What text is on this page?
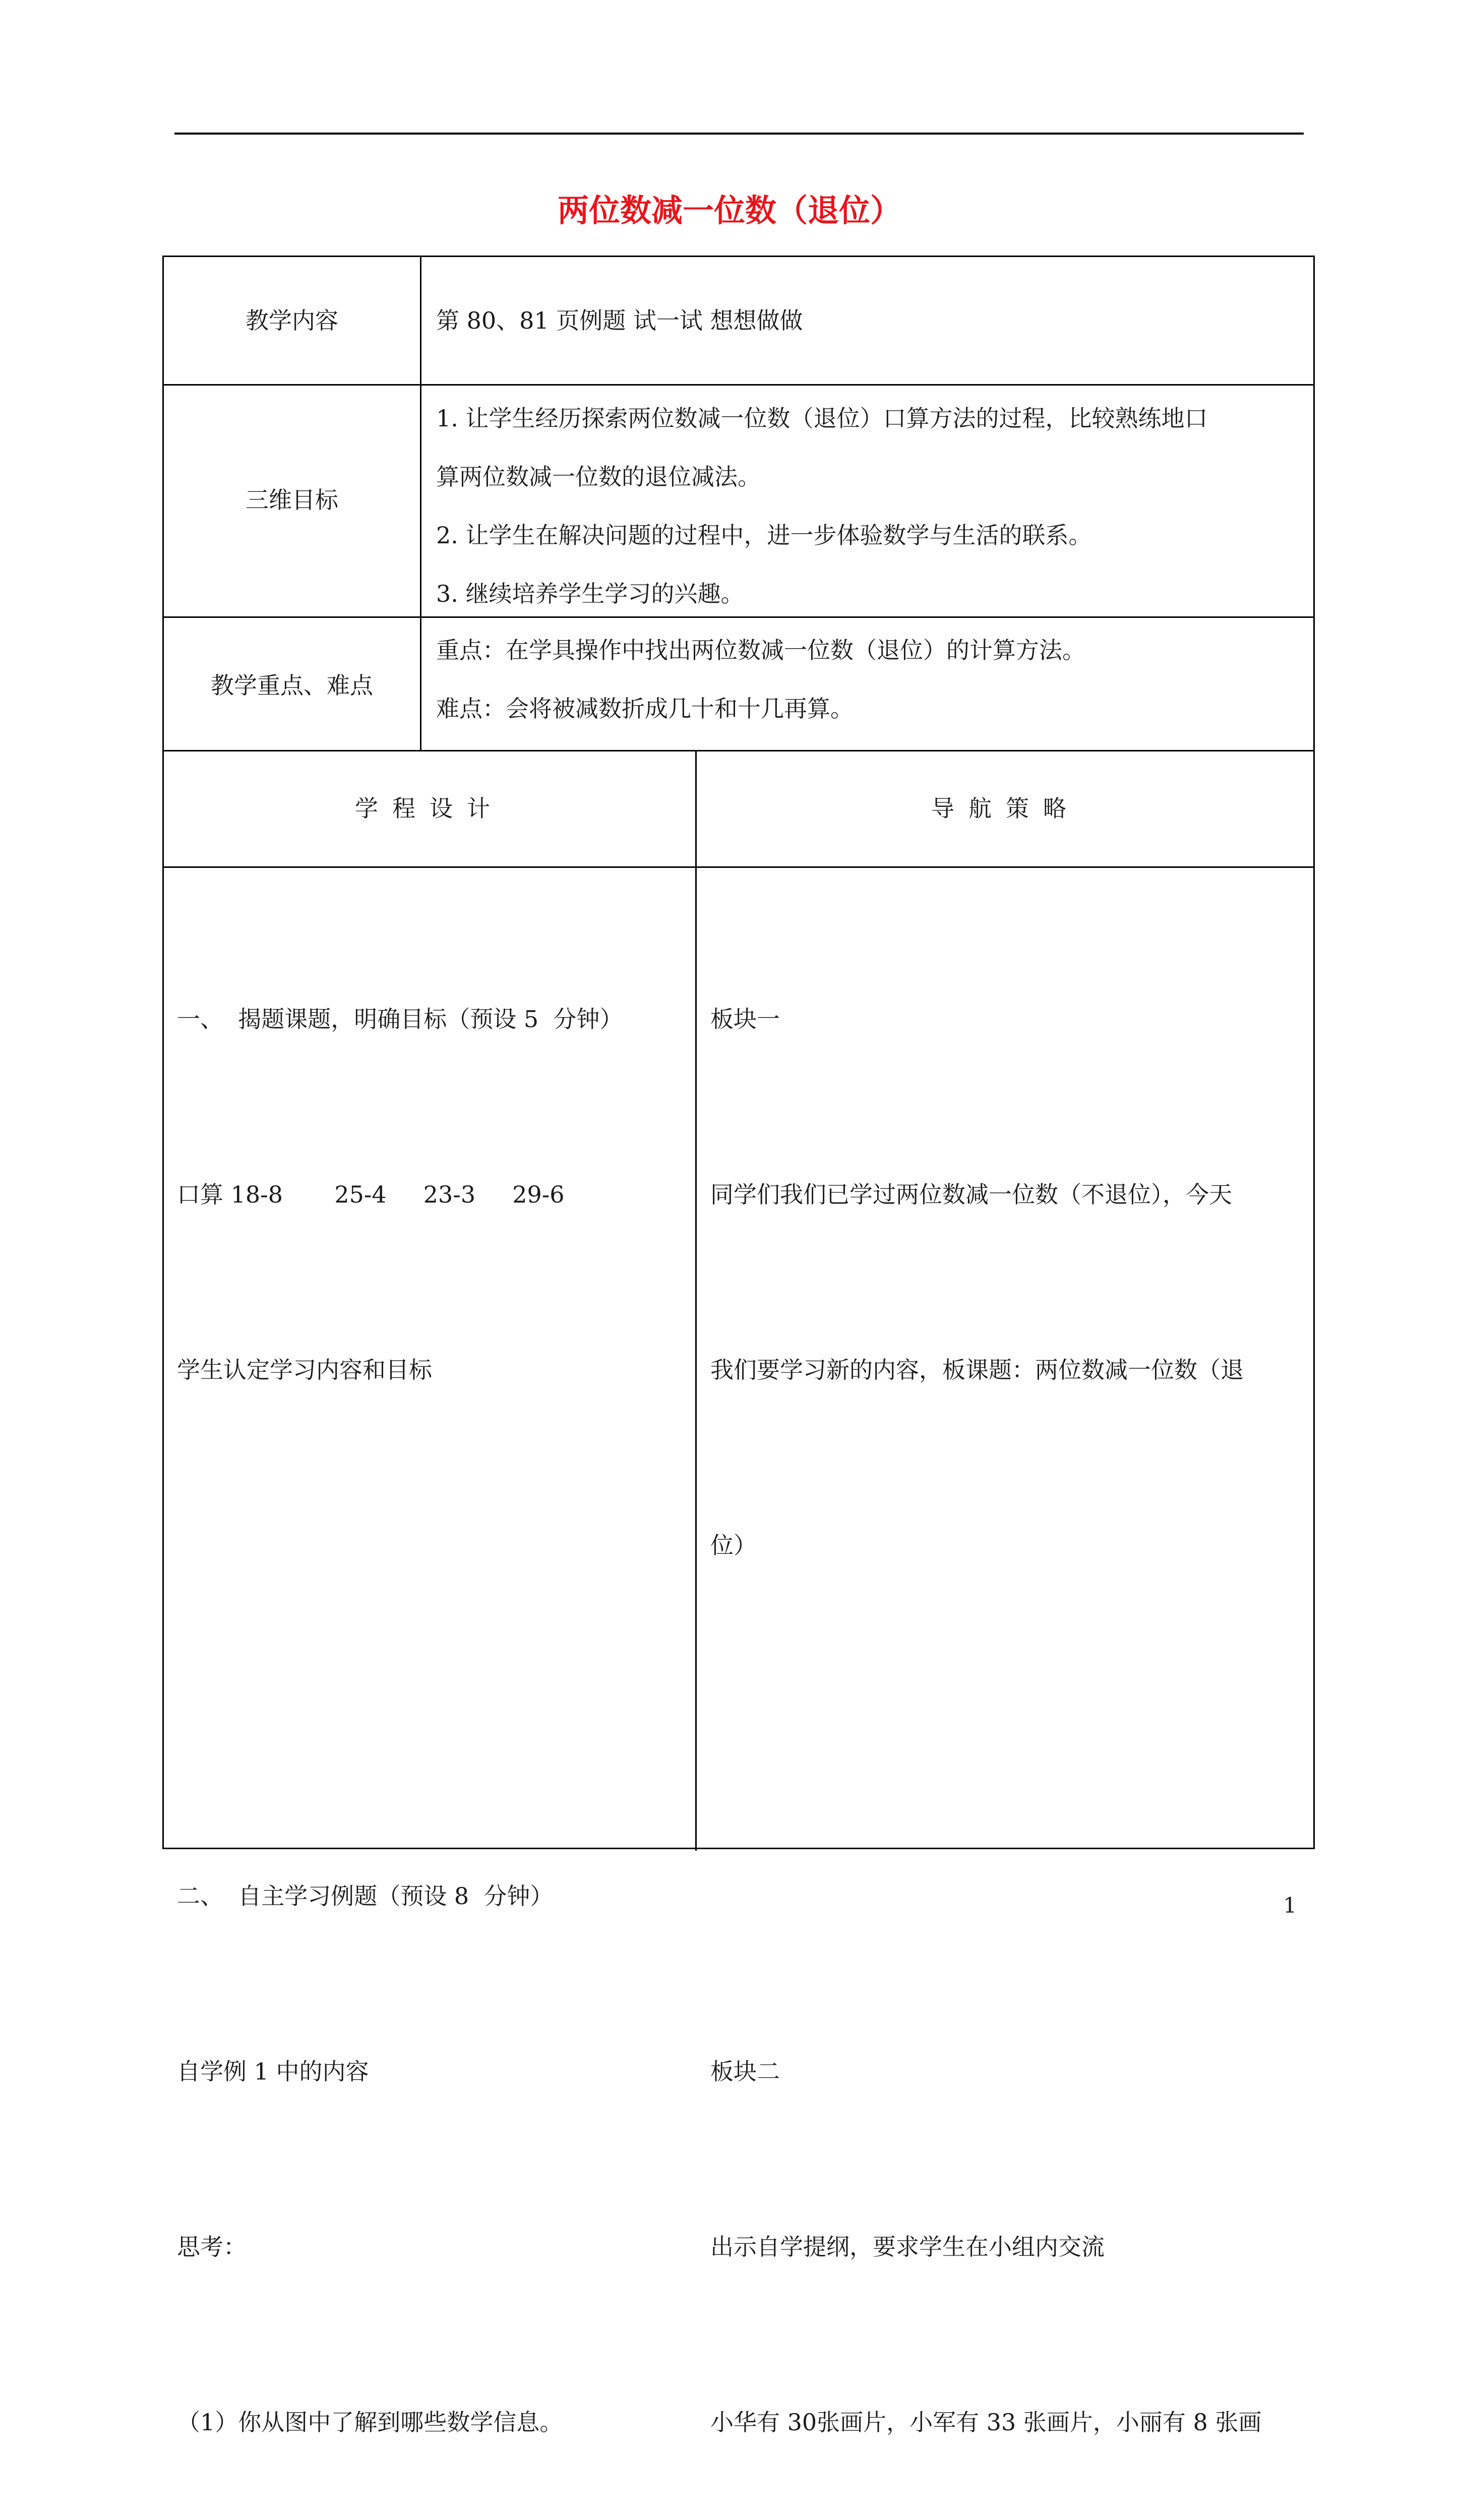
两位数减一位数（退位）
教学内容	第 80、81 页例题 试一试 想想做做
三维目标
1. 让学生经历探索两位数减一位数（退位）口算方法的过程，比较熟练地口
算两位数减一位数的退位减法。
2. 让学生在解决问题的过程中，进一步体验数学与生活的联系。
3. 继续培养学生学习的兴趣。
教学重点、难点
重点：在学具操作中找出两位数减一位数（退位）的计算方法。
难点：会将被减数折成几十和十几再算。
学程设计	导航策略

一、  揭题课题，明确目标（预设 5  分钟）

口算 18-8       25-4     23-3     29-6

学生认定学习内容和目标

二、  自主学习例题（预设 8  分钟）

自学例 1 中的内容

思考：

（1）你从图中了解到哪些数学信息。

板块一

同学们我们已学过两位数减一位数（不退位），今天

我们要学习新的内容，板课题：两位数减一位数（退

位）

板块二

出示自学提纲，要求学生在小组内交流

小华有 30张画片，小军有 33 张画片，小丽有 8 张画

1
